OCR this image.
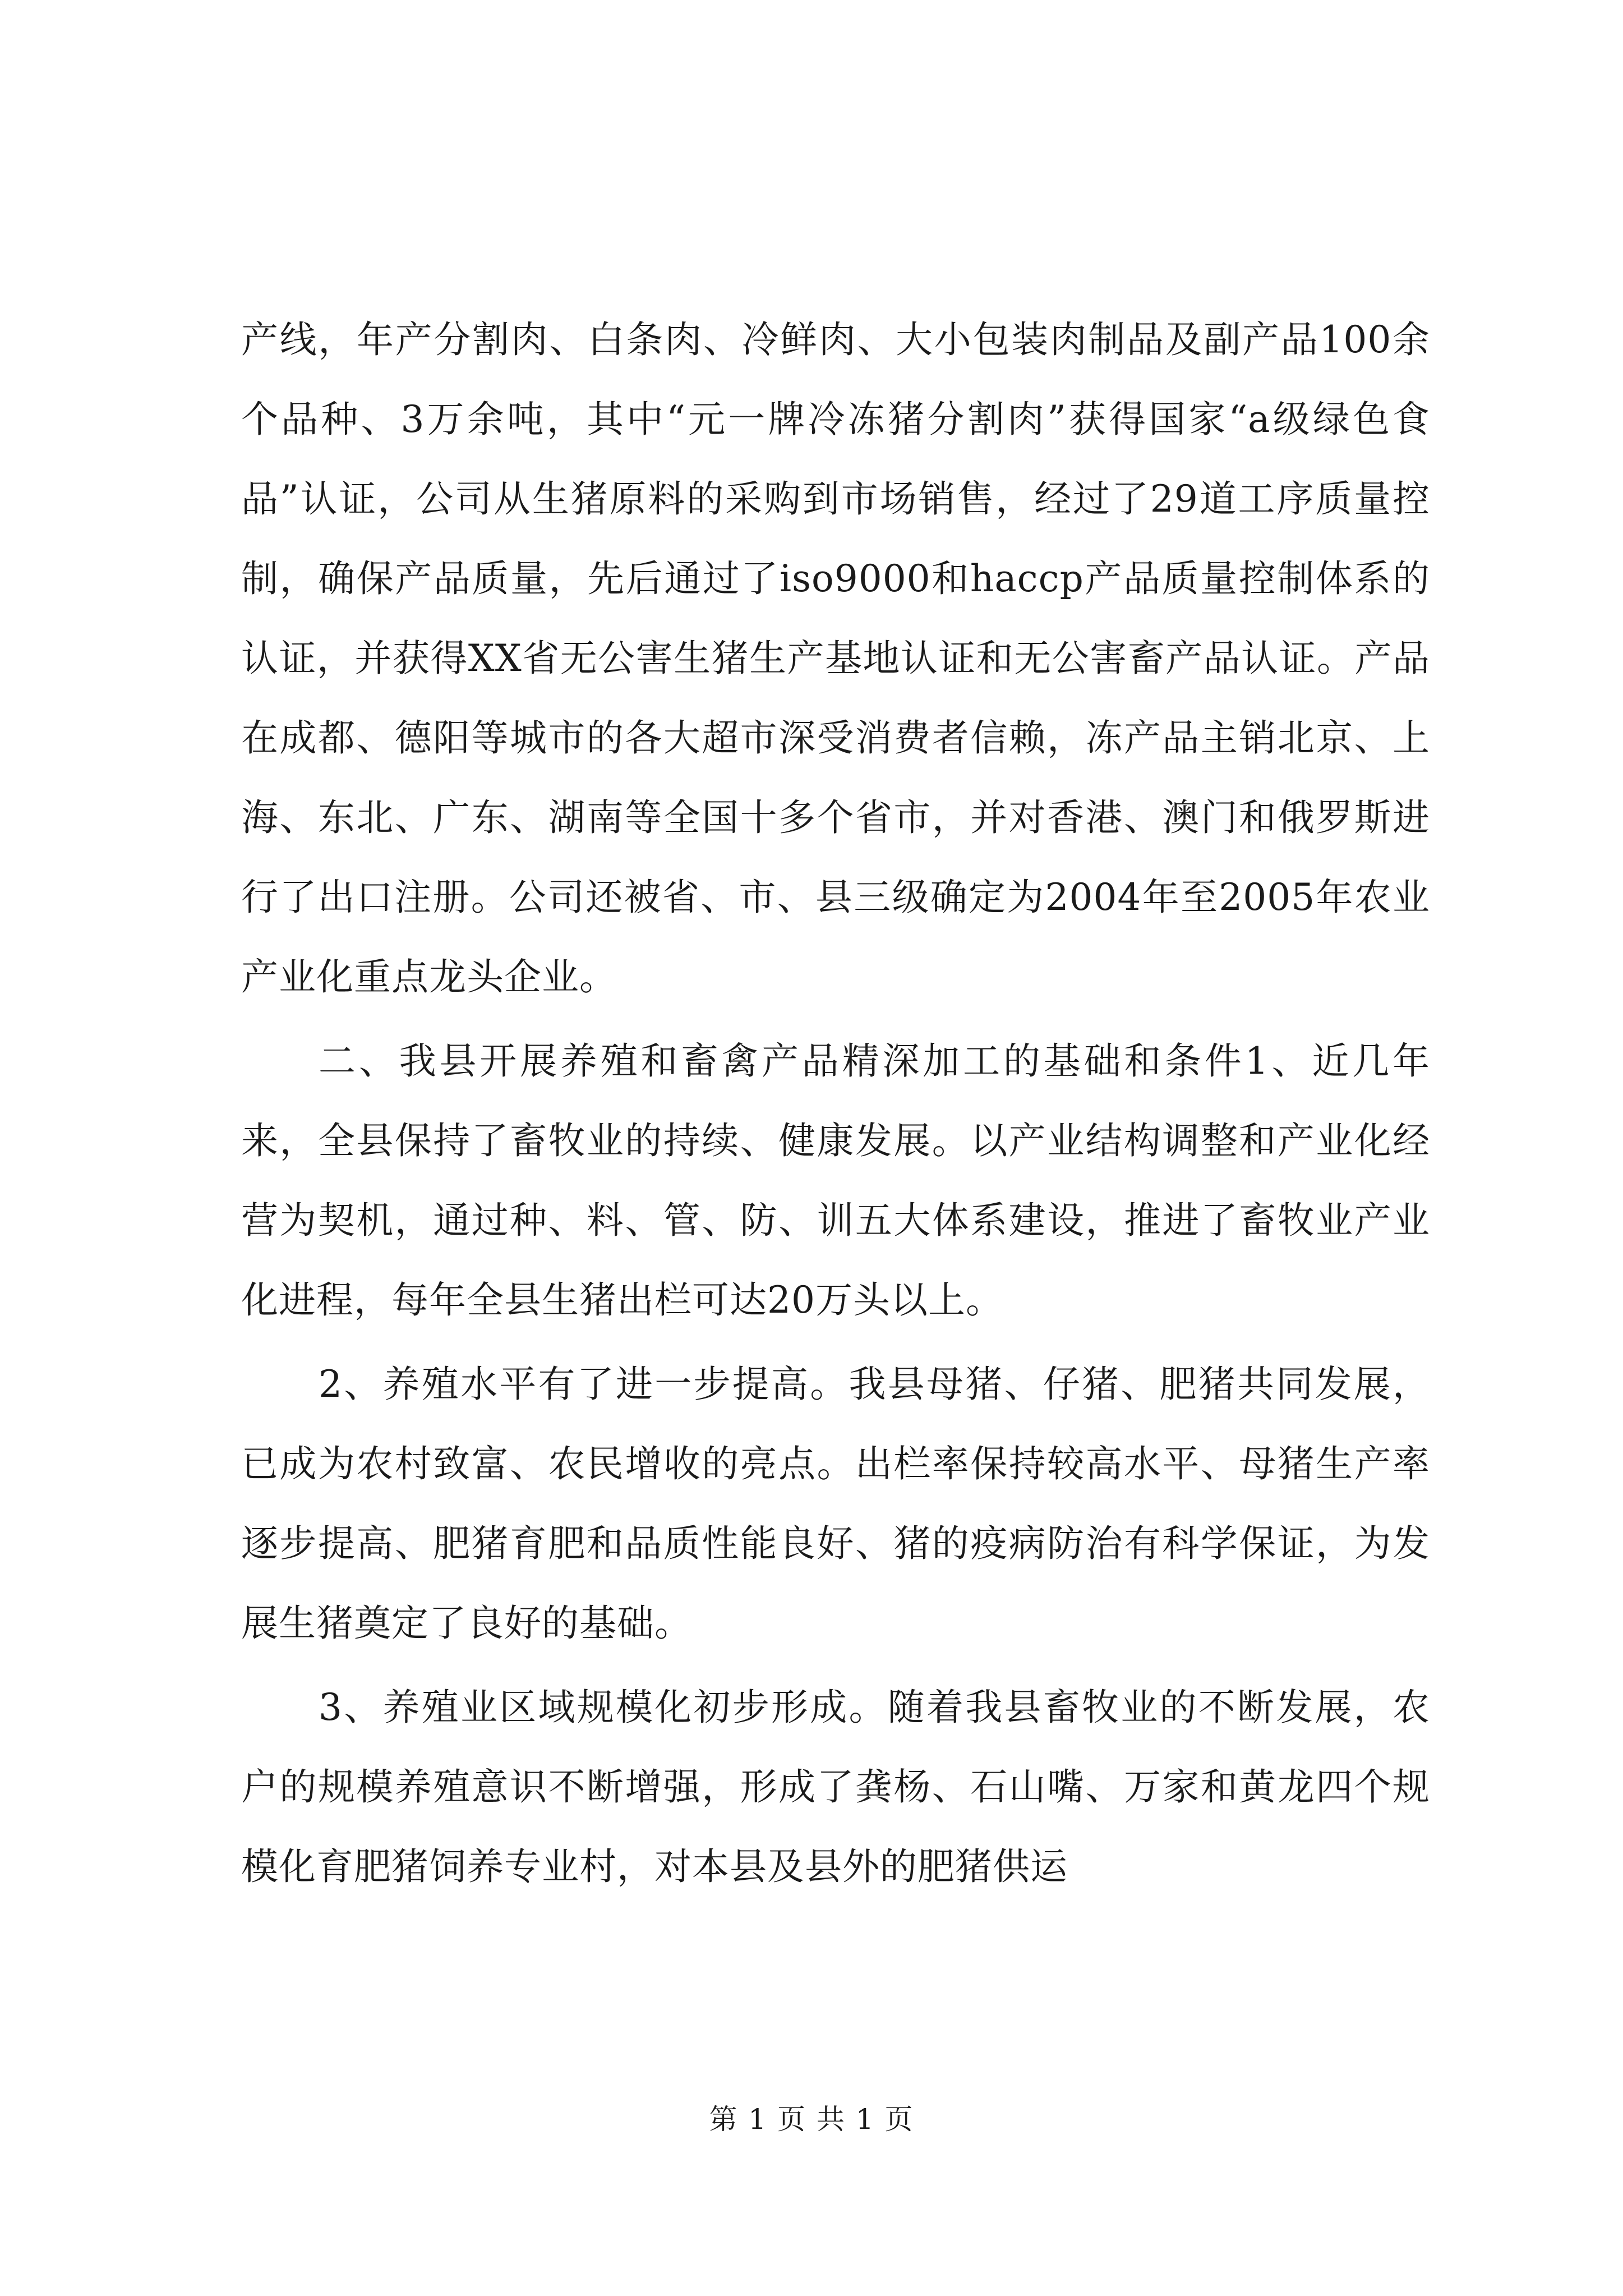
产线，年产分割肉、白条肉、冷鲜肉、大小包装肉制品及副产品100余个品种、3万余吨，其中“元一牌冷冻猪分割肉”获得国家“a级绿色食品”认证，公司从生猪原料的采购到市场销售，经过了29道工序质量控制，确保产品质量，先后通过了iso9000和haccp产品质量控制体系的认证，并获得XX省无公害生猪生产基地认证和无公害畜产品认证。产品在成都、德阳等城市的各大超市深受消费者信赖，冻产品主销北京、上海、东北、广东、湖南等全国十多个省市，并对香港、澳门和俄罗斯进行了出口注册。公司还被省、市、县三级确定为2004年至2005年农业产业化重点龙头企业。

二、我县开展养殖和畜禽产品精深加工的基础和条件1、近几年来，全县保持了畜牧业的持续、健康发展。以产业结构调整和产业化经营为契机，通过种、料、管、防、训五大体系建设，推进了畜牧业产业化进程，每年全县生猪出栏可达20万头以上。

2、养殖水平有了进一步提高。我县母猪、仔猪、肥猪共同发展，已成为农村致富、农民增收的亮点。出栏率保持较高水平、母猪生产率逐步提高、肥猪育肥和品质性能良好、猪的疫病防治有科学保证，为发展生猪奠定了良好的基础。

3、养殖业区域规模化初步形成。随着我县畜牧业的不断发展，农户的规模养殖意识不断增强，形成了龚杨、石山嘴、万家和黄龙四个规模化育肥猪饲养专业村，对本县及县外的肥猪供运

第 1 页 共 1 页
